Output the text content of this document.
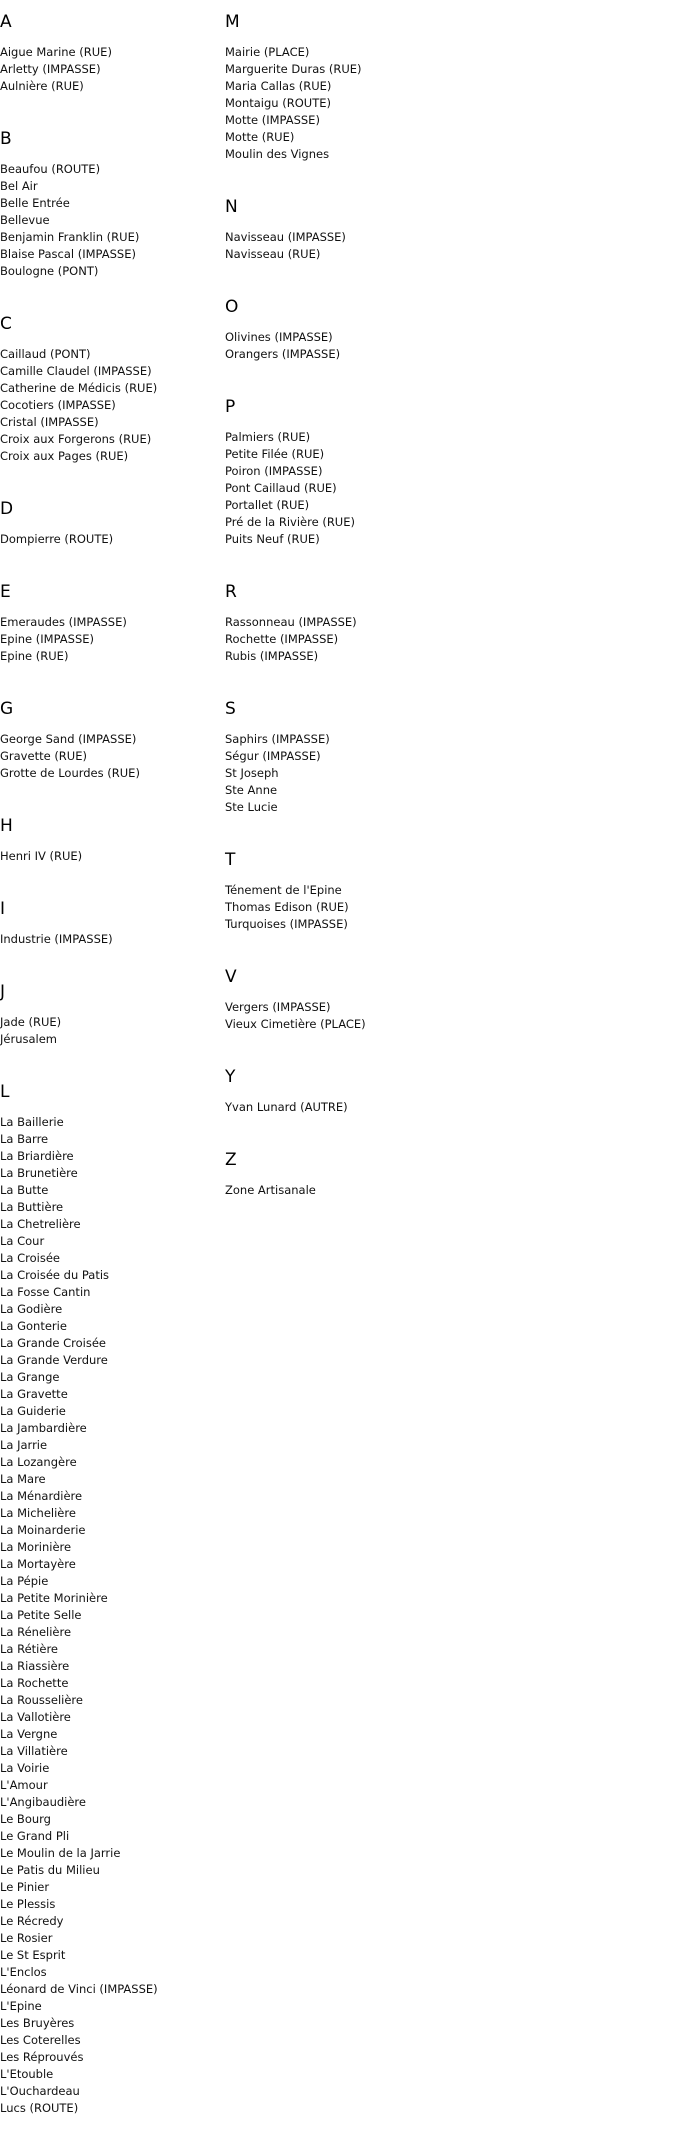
A
Aigue Marine (RUE)
Arletty (IMPASSE)
Aulnière (RUE)
B
Beaufou (ROUTE)
Bel Air
Belle Entrée
Bellevue
Benjamin Franklin (RUE)
Blaise Pascal (IMPASSE)
Boulogne (PONT)
C
Caillaud (PONT)
Camille Claudel (IMPASSE)
Catherine de Médicis (RUE)
Cocotiers (IMPASSE)
Cristal (IMPASSE)
Croix aux Forgerons (RUE)
Croix aux Pages (RUE)
D
Dompierre (ROUTE)
E
Emeraudes (IMPASSE)
Epine (IMPASSE)
Epine (RUE)
G
George Sand (IMPASSE)
Gravette (RUE)
Grotte de Lourdes (RUE)
H
Henri IV (RUE)
I
Industrie (IMPASSE)
J
Jade (RUE)
Jérusalem
L
La Baillerie
La Barre
La Briardière
La Brunetière
La Butte
La Buttière
La Chetrelière
La Cour
La Croisée
La Croisée du Patis
La Fosse Cantin
La Godière
La Gonterie
La Grande Croisée
La Grande Verdure
La Grange
La Gravette
La Guiderie
La Jambardière
La Jarrie
La Lozangère
La Mare
La Ménardière
La Michelière
La Moinarderie
La Morinière
La Mortayère
La Pépie
La Petite Morinière
La Petite Selle
La Rénelière
La Rétière
La Riassière
La Rochette
La Rousselière
La Vallotière
La Vergne
La Villatière
La Voirie
L'Amour
L'Angibaudière
Le Bourg
Le Grand Pli
Le Moulin de la Jarrie
Le Patis du Milieu
Le Pinier
Le Plessis
Le Récredy
Le Rosier
Le St Esprit
L'Enclos
Léonard de Vinci (IMPASSE)
L'Epine
Les Bruyères
Les Coterelles
Les Réprouvés
L'Etouble
L'Ouchardeau
Lucs (ROUTE)
M
Mairie (PLACE)
Marguerite Duras (RUE)
Maria Callas (RUE)
Montaigu (ROUTE)
Motte (IMPASSE)
Motte (RUE)
Moulin des Vignes
N
Navisseau (IMPASSE)
Navisseau (RUE)
O
Olivines (IMPASSE)
Orangers (IMPASSE)
P
Palmiers (RUE)
Petite Filée (RUE)
Poiron (IMPASSE)
Pont Caillaud (RUE)
Portallet (RUE)
Pré de la Rivière (RUE)
Puits Neuf (RUE)
R
Rassonneau (IMPASSE)
Rochette (IMPASSE)
Rubis (IMPASSE)
S
Saphirs (IMPASSE)
Ségur (IMPASSE)
St Joseph
Ste Anne
Ste Lucie
T
Ténement de l'Epine
Thomas Edison (RUE)
Turquoises (IMPASSE)
V
Vergers (IMPASSE)
Vieux Cimetière (PLACE)
Y
Yvan Lunard (AUTRE)
Z
Zone Artisanale
